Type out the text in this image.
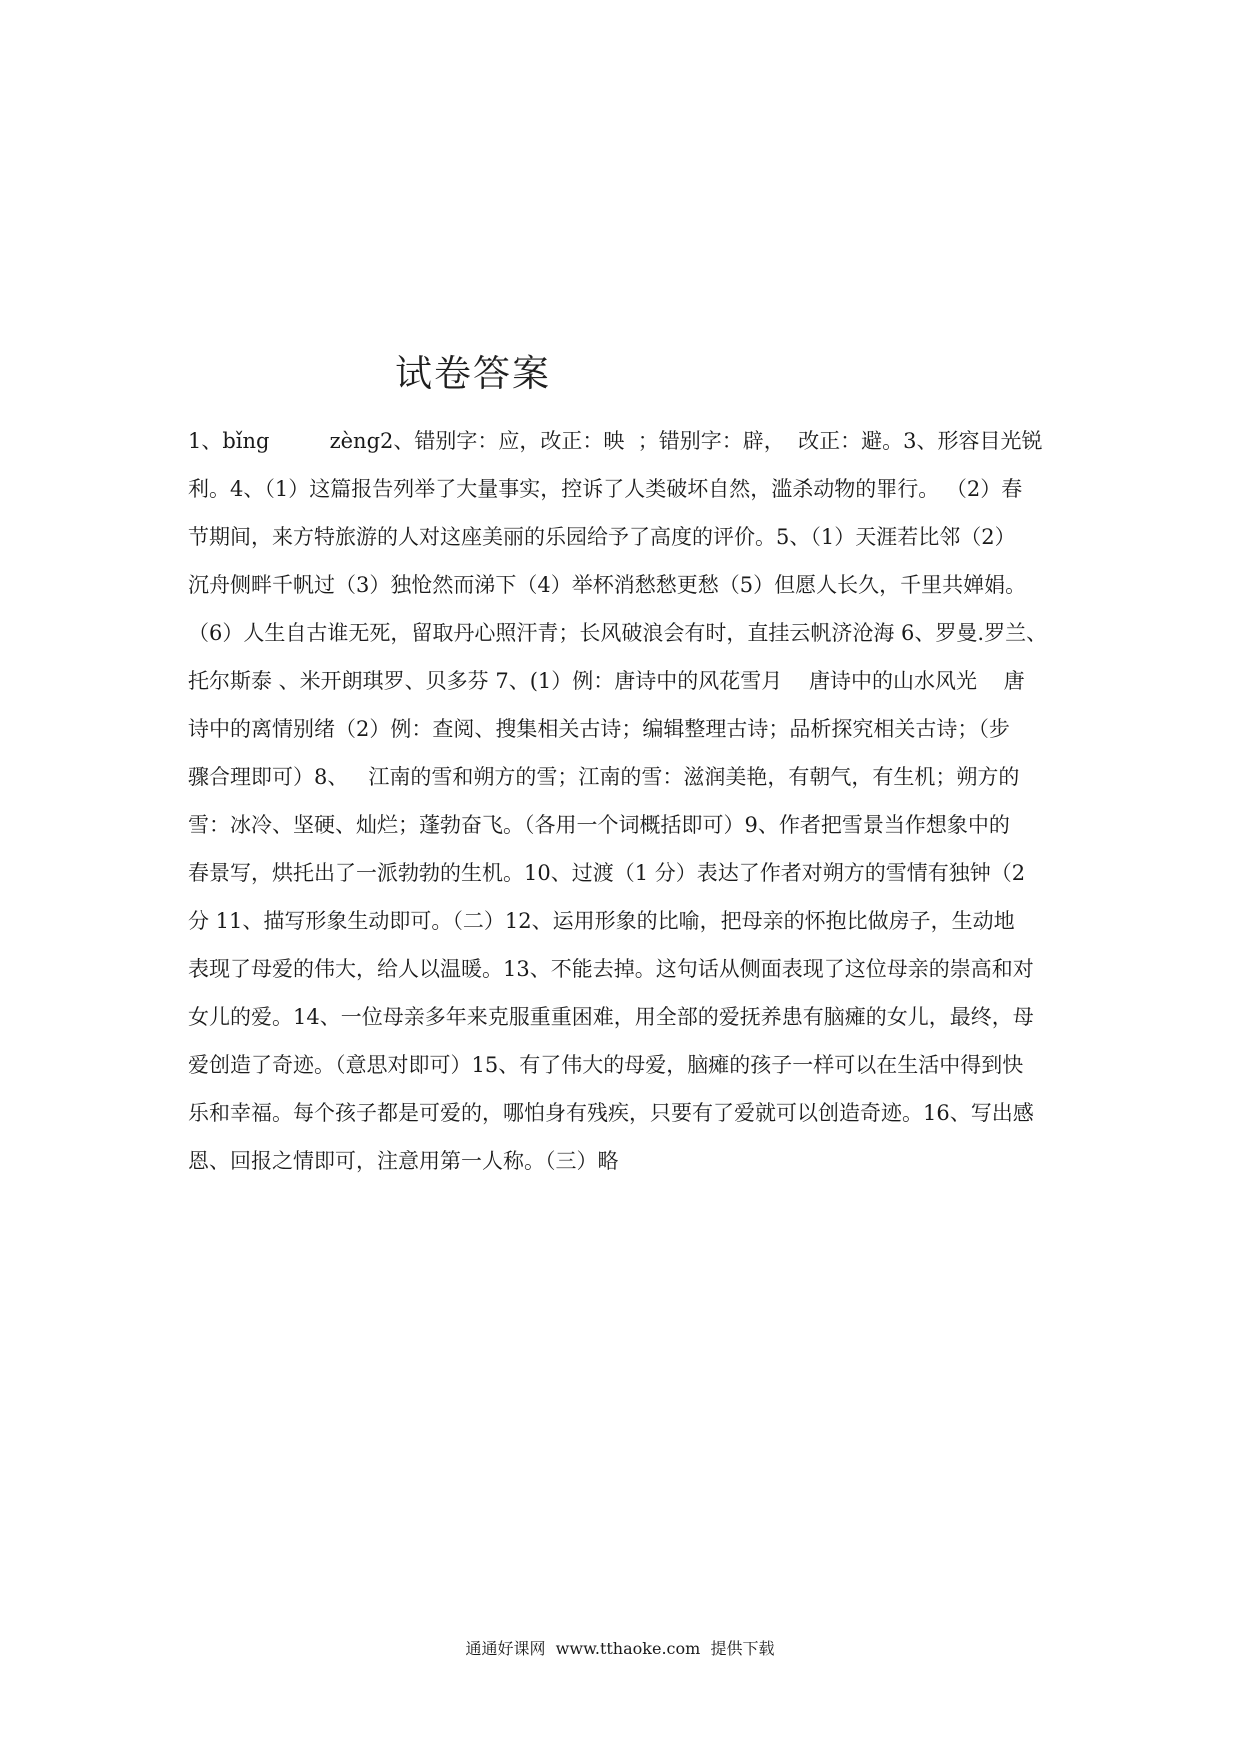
试卷答案
1、bǐng         zèng2、错别字：应，改正：映  ；错别字：辟，  改正：避。3、形容目光锐
利。4、（1）这篇报告列举了大量事实，控诉了人类破坏自然，滥杀动物的罪行。 （2）春
节期间，来方特旅游的人对这座美丽的乐园给予了高度的评价。5、（1）天涯若比邻（2）
沉舟侧畔千帆过（3）独怆然而涕下（4）举杯消愁愁更愁（5）但愿人长久，千里共婵娟。
（6）人生自古谁无死，留取丹心照汗青；长风破浪会有时，直挂云帆济沧海 6、罗曼.罗兰、
托尔斯泰 、米开朗琪罗、贝多芬 7、(1）例：唐诗中的风花雪月    唐诗中的山水风光    唐
诗中的离情别绪（2）例：查阅、搜集相关古诗；编辑整理古诗；品析探究相关古诗；（步
骤合理即可）8、   江南的雪和朔方的雪；江南的雪：滋润美艳，有朝气，有生机；朔方的
雪：冰冷、坚硬、灿烂；蓬勃奋飞。（各用一个词概括即可）9、作者把雪景当作想象中的
春景写，烘托出了一派勃勃的生机。10、过渡（1 分）表达了作者对朔方的雪情有独钟（2
分 11、描写形象生动即可。（二）12、运用形象的比喻，把母亲的怀抱比做房子，生动地
表现了母爱的伟大，给人以温暖。13、不能去掉。这句话从侧面表现了这位母亲的崇高和对
女儿的爱。14、一位母亲多年来克服重重困难，用全部的爱抚养患有脑瘫的女儿，最终，母
爱创造了奇迹。（意思对即可）15、有了伟大的母爱，脑瘫的孩子一样可以在生活中得到快
乐和幸福。每个孩子都是可爱的，哪怕身有残疾，只要有了爱就可以创造奇迹。16、写出感
恩、回报之情即可，注意用第一人称。（三）略
通通好课网  www.tthaoke.com  提供下载
